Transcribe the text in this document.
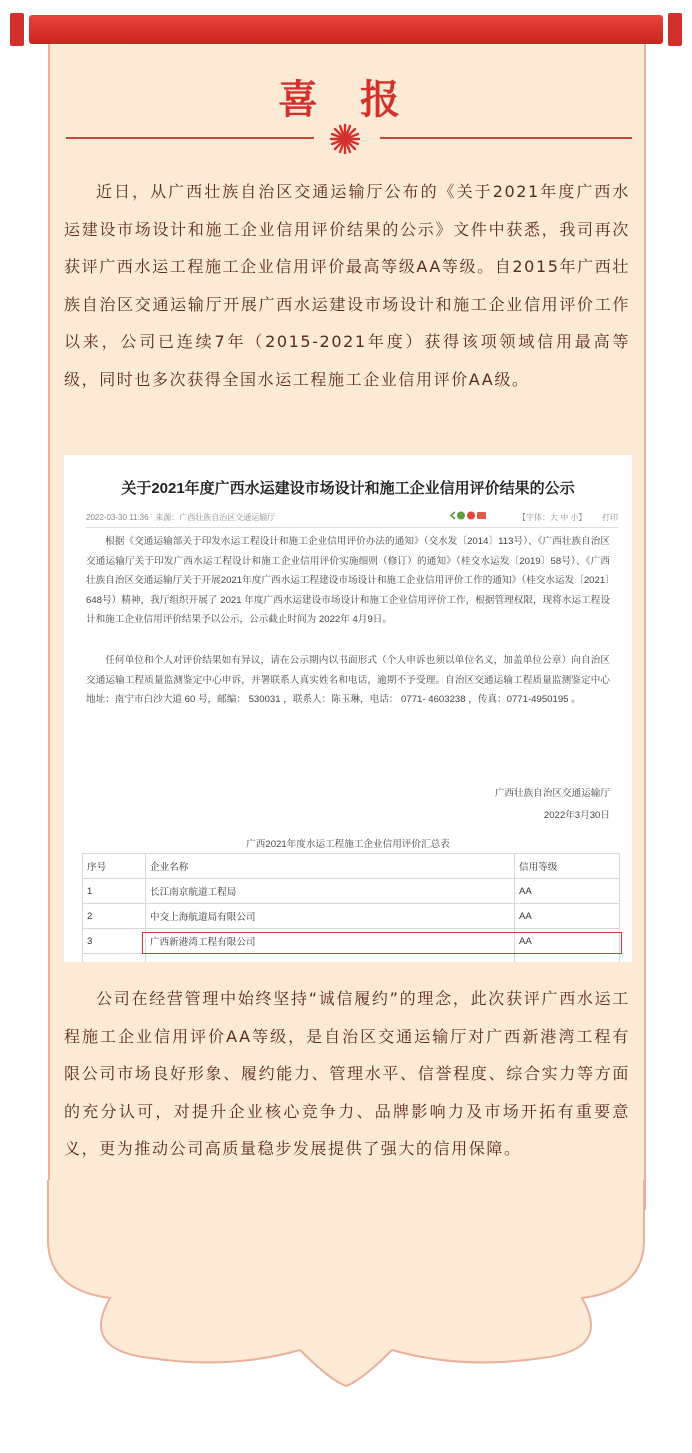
喜 报

近日，从广西壮族自治区交通运输厅公布的《关于2021年度广西水运建设市场设计和施工企业信用评价结果的公示》文件中获悉，我司再次获评广西水运工程施工企业信用评价最高等级AA等级。自2015年广西壮族自治区交通运输厅开展广西水运建设市场设计和施工企业信用评价工作以来，公司已连续7年（2015-2021年度）获得该项领域信用最高等级，同时也多次获得全国水运工程施工企业信用评价AA级。

关于2021年度广西水运建设市场设计和施工企业信用评价结果的公示
2022-03-30 11:36 来源：广西壮族自治区交通运输厅	【字体：大 中 小】 打印

根据《交通运输部关于印发水运工程设计和施工企业信用评价办法的通知》（交水发〔2014〕113号）、《广西壮族自治区交通运输厅关于印发广西水运工程设计和施工企业信用评价实施细则（修订）的通知》（桂交水运发〔2019〕58号）、《广西壮族自治区交通运输厅关于开展2021年度广西水运工程建设市场设计和施工企业信用评价工作的通知》（桂交水运发〔2021〕648号）精神，我厅组织开展了 2021 年度广西水运建设市场设计和施工企业信用评价工作，根据管理权限，现将水运工程设计和施工企业信用评价结果予以公示，公示截止时间为 2022年 4月9日。

任何单位和个人对评价结果如有异议，请在公示期内以书面形式（个人申诉也须以单位名义，加盖单位公章）向自治区交通运输工程质量监测鉴定中心申诉，并署联系人真实姓名和电话，逾期不予受理。自治区交通运输工程质量监测鉴定中心地址：南宁市白沙大道 60 号，邮编： 530031 ，联系人：陈玉琳，电话： 0771- 4603238 ，传真：0771-4950195 。

广西壮族自治区交通运输厅
2022年3月30日
广西2021年度水运工程施工企业信用评价汇总表
序号	企业名称	信用等级
1	长江南京航道工程局	AA
2	中交上海航道局有限公司	AA
3	广西新港湾工程有限公司	AA

公司在经营管理中始终坚持“诚信履约”的理念，此次获评广西水运工程施工企业信用评价AA等级，是自治区交通运输厅对广西新港湾工程有限公司市场良好形象、履约能力、管理水平、信誉程度、综合实力等方面的充分认可，对提升企业核心竞争力、品牌影响力及市场开拓有重要意义，更为推动公司高质量稳步发展提供了强大的信用保障。
